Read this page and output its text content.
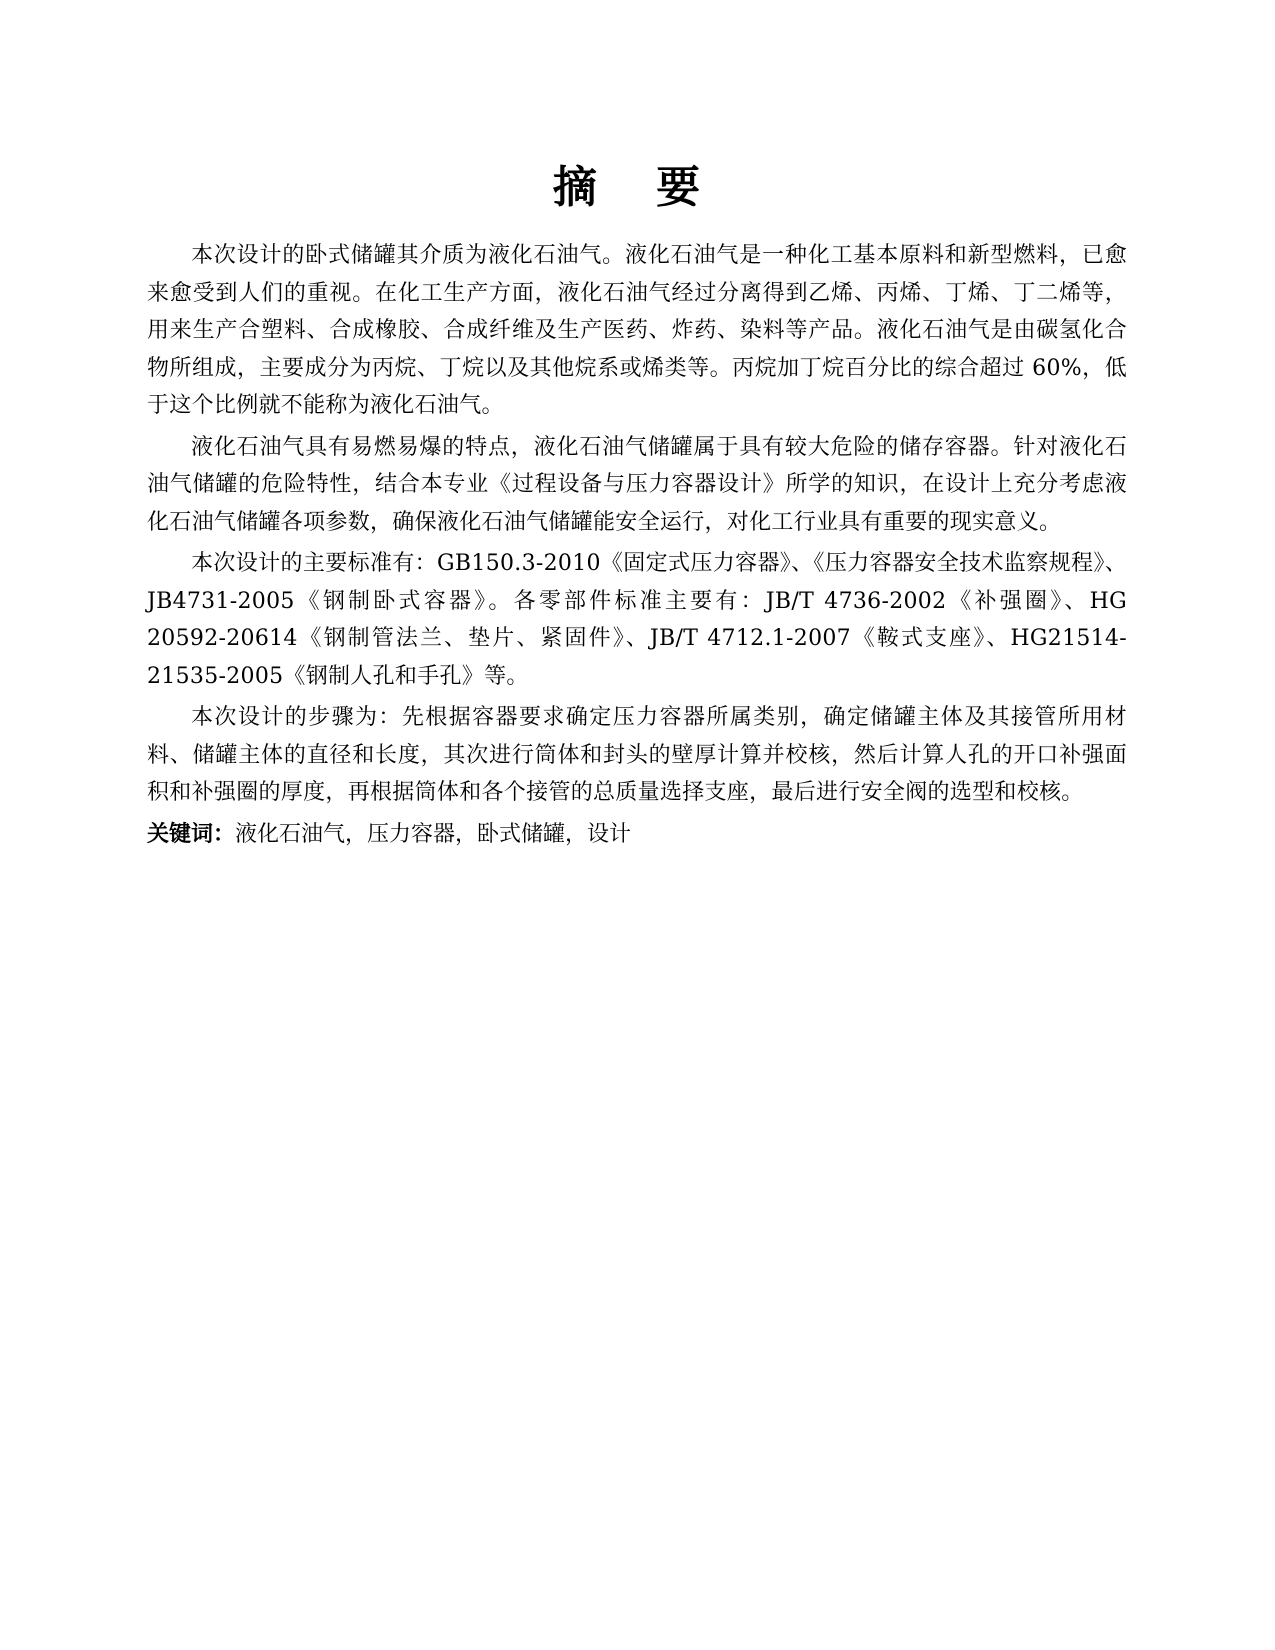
摘 要

本次设计的卧式储罐其介质为液化石油气。液化石油气是一种化工基本原料和新型燃料，已愈来愈受到人们的重视。在化工生产方面，液化石油气经过分离得到乙烯、丙烯、丁烯、丁二烯等，用来生产合塑料、合成橡胶、合成纤维及生产医药、炸药、染料等产品。液化石油气是由碳氢化合物所组成，主要成分为丙烷、丁烷以及其他烷系或烯类等。丙烷加丁烷百分比的综合超过 60%，低于这个比例就不能称为液化石油气。

液化石油气具有易燃易爆的特点，液化石油气储罐属于具有较大危险的储存容器。针对液化石油气储罐的危险特性，结合本专业《过程设备与压力容器设计》所学的知识，在设计上充分考虑液化石油气储罐各项参数，确保液化石油气储罐能安全运行，对化工行业具有重要的现实意义。

本次设计的主要标准有：GB150.3-2010《固定式压力容器》、《压力容器安全技术监察规程》、JB4731-2005《钢制卧式容器》。各零部件标准主要有：JB/T 4736-2002《补强圈》、HG 20592-20614《钢制管法兰、垫片、紧固件》、JB/T 4712.1-2007《鞍式支座》、HG21514-21535-2005《钢制人孔和手孔》等。

本次设计的步骤为：先根据容器要求确定压力容器所属类别，确定储罐主体及其接管所用材料、储罐主体的直径和长度，其次进行筒体和封头的壁厚计算并校核，然后计算人孔的开口补强面积和补强圈的厚度，再根据筒体和各个接管的总质量选择支座，最后进行安全阀的选型和校核。

关键词：液化石油气，压力容器，卧式储罐，设计
